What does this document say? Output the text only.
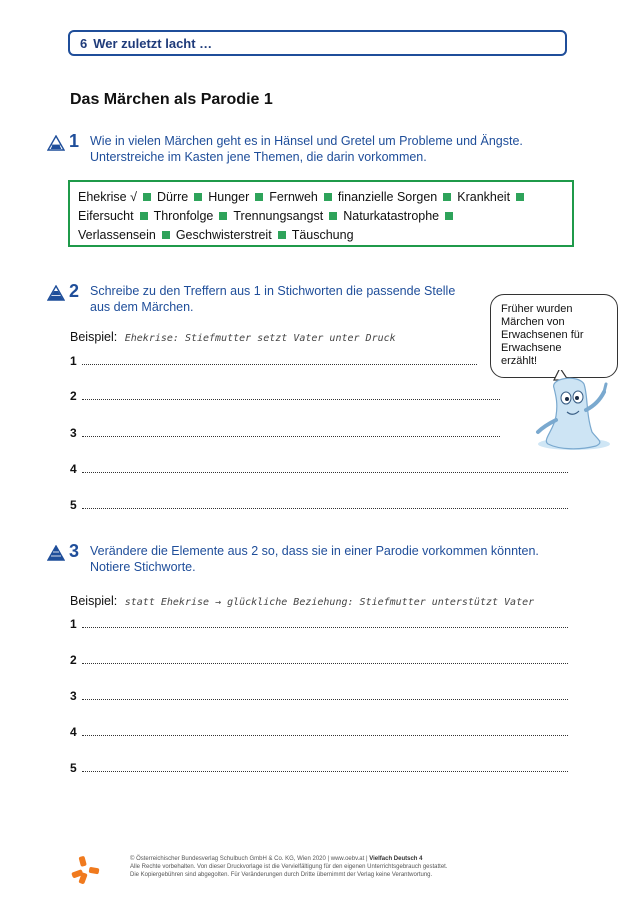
6 Wer zuletzt lacht …
Das Märchen als Parodie 1
1 Wie in vielen Märchen geht es in Hänsel und Gretel um Probleme und Ängste.
Unterstreiche im Kasten jene Themen, die darin vorkommen.
Ehekrise √ Dürre Hunger Fernweh finanzielle Sorgen Krankheit
Eifersucht Thronfolge Trennungsangst Naturkatastrophe
Verlassensein Geschwisterstreit Täuschung
2 Schreibe zu den Treffern aus 1 in Stichworten die passende Stelle
aus dem Märchen.
Beispiel: Ehekrise: Stiefmutter setzt Vater unter Druck
1
2
3
4
5
Früher wurden
Märchen von
Erwachsenen für
Erwachsene
erzählt!
3 Verändere die Elemente aus 2 so, dass sie in einer Parodie vorkommen könnten.
Notiere Stichworte.
Beispiel: statt Ehekrise → glückliche Beziehung: Stiefmutter unterstützt Vater
1
2
3
4
5
© Österreichischer Bundesverlag Schulbuch GmbH & Co. KG, Wien 2020 | www.oebv.at | Vielfach Deutsch 4
Alle Rechte vorbehalten. Von dieser Druckvorlage ist die Vervielfältigung für den eigenen Unterrichtsgebrauch gestattet.
Die Kopiergebühren sind abgegolten. Für Veränderungen durch Dritte übernimmt der Verlag keine Verantwortung.
